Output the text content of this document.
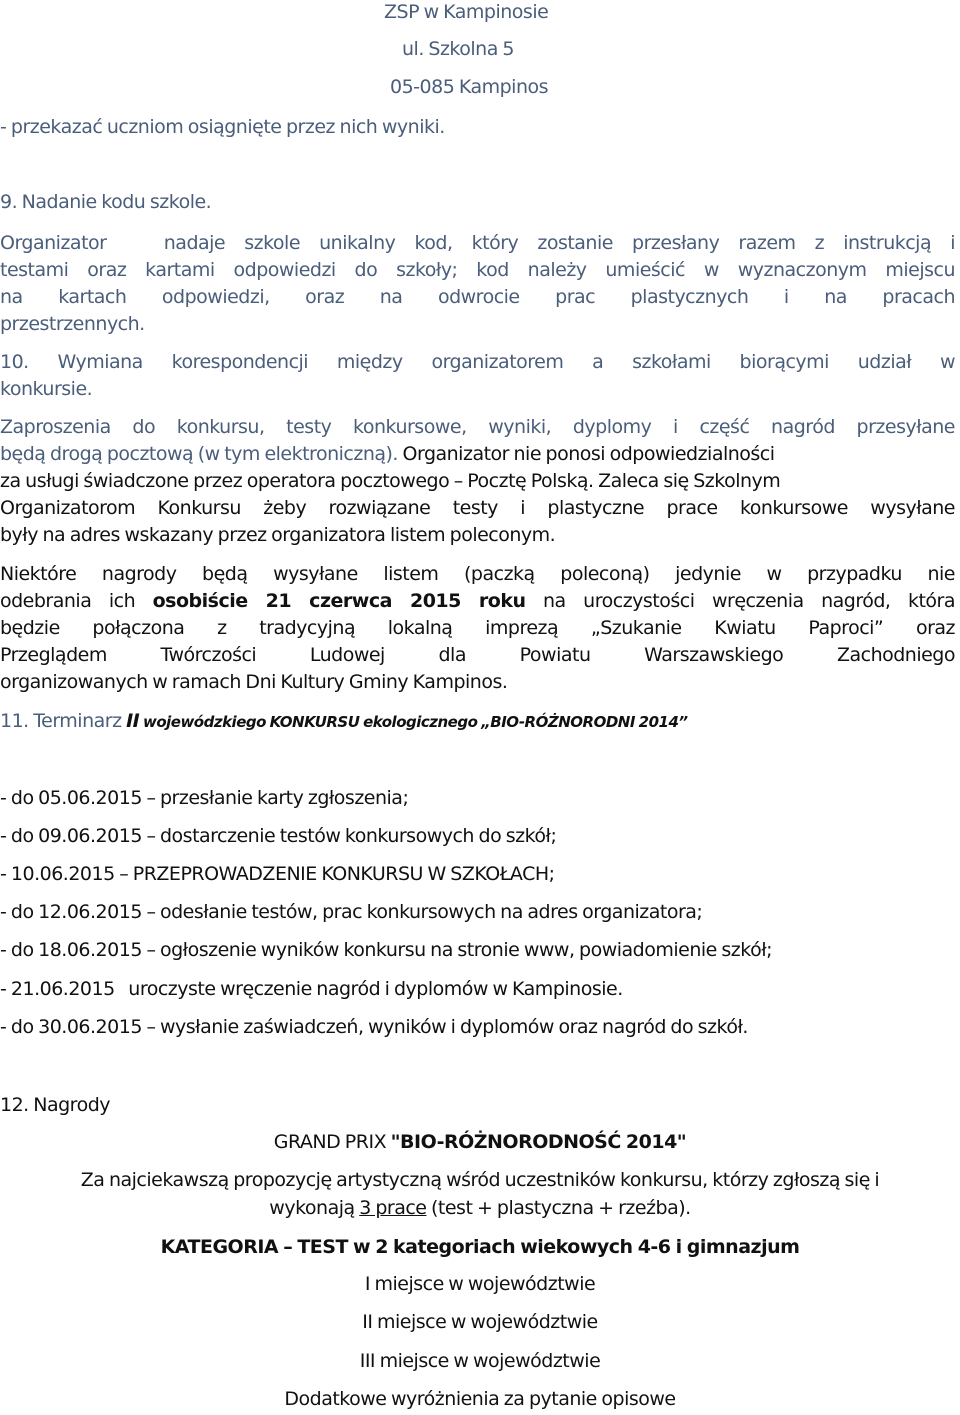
ZSP w Kampinosie

ul. Szkolna 5

05-085 Kampinos

- przekazać uczniom osiągnięte przez nich wyniki.

9. Nadanie kodu szkole.

Organizator   nadaje szkole unikalny kod, który zostanie przesłany razem z instrukcją i

testami oraz kartami odpowiedzi do szkoły; kod należy umieścić w wyznaczonym miejscu

na kartach odpowiedzi, oraz na odwrocie prac plastycznych i na pracach

przestrzennych.

10. Wymiana korespondencji między organizatorem a szkołami biorącymi udział w

konkursie.

Zaproszenia do konkursu, testy konkursowe, wyniki, dyplomy i część nagród przesyłane

będą drogą pocztową (w tym elektroniczną). Organizator nie ponosi odpowiedzialności

za usługi świadczone przez operatora pocztowego – Pocztę Polską. Zaleca się Szkolnym

Organizatorom Konkursu żeby rozwiązane testy i plastyczne prace konkursowe wysyłane

były na adres wskazany przez organizatora listem poleconym.

Niektóre nagrody będą wysyłane listem (paczką poleconą) jedynie w przypadku nie

odebrania ich osobiście 21 czerwca 2015 roku na uroczystości wręczenia nagród, która

będzie połączona z tradycyjną lokalną imprezą „Szukanie Kwiatu Paproci” oraz

Przeglądem Twórczości Ludowej dla Powiatu Warszawskiego Zachodniego

organizowanych w ramach Dni Kultury Gminy Kampinos.

11. Terminarz II wojewódzkiego KONKURSU ekologicznego „BIO-RÓŻNORODNI 2014”

- do 05.06.2015 – przesłanie karty zgłoszenia;

- do 09.06.2015 – dostarczenie testów konkursowych do szkół;

- 10.06.2015 – PRZEPROWADZENIE KONKURSU W SZKOŁACH;

- do 12.06.2015 – odesłanie testów, prac konkursowych na adres organizatora;

- do 18.06.2015 – ogłoszenie wyników konkursu na stronie www, powiadomienie szkół;

- 21.06.2015   uroczyste wręczenie nagród i dyplomów w Kampinosie.

- do 30.06.2015 – wysłanie zaświadczeń, wyników i dyplomów oraz nagród do szkół.

12. Nagrody

GRAND PRIX "BIO-RÓŻNORODNOŚĆ 2014"

Za najciekawszą propozycję artystyczną wśród uczestników konkursu, którzy zgłoszą się i

wykonają 3 prace (test + plastyczna + rzeźba).

KATEGORIA – TEST w 2 kategoriach wiekowych 4-6 i gimnazjum

I miejsce w województwie

II miejsce w województwie

III miejsce w województwie

Dodatkowe wyróżnienia za pytanie opisowe
